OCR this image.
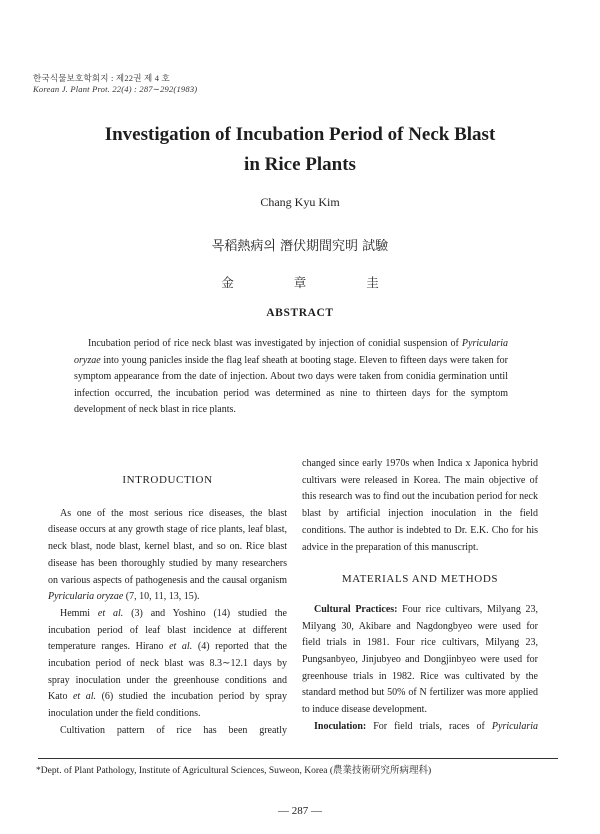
한국식물보호학회지 : 제22권 제 4 호
Korean J. Plant Prot. 22(4) : 287∼292(1983)
Investigation of Incubation Period of Neck Blast
in Rice Plants
Chang Kyu Kim
목稻熱病의 潛伏期間究明 試驗
金章圭
ABSTRACT
Incubation period of rice neck blast was investigated by injection of conidial suspension of Pyricularia oryzae into young panicles inside the flag leaf sheath at booting stage. Eleven to fifteen days were taken for symptom appearance from the date of injection. About two days were taken from conidia germination until infection occurred, the incubation period was determined as nine to thirteen days for the symptom development of neck blast in rice plants.
INTRODUCTION

As one of the most serious rice diseases, the blast disease occurs at any growth stage of rice plants, leaf blast, neck blast, node blast, kernel blast, and so on. Rice blast disease has been thoroughly studied by many researchers on various aspects of pathogenesis and the causal organism Pyricularia oryzae (7, 10, 11, 13, 15).

Hemmi et al. (3) and Yoshino (14) studied the incubation period of leaf blast incidence at different temperature ranges. Hirano et al. (4) reported that the incubation period of neck blast was 8.3∼12.1 days by spray inoculation under the greenhouse conditions and Kato et al. (6) studied the incubation period by spray inoculation under the field conditions.

Cultivation pattern of rice has been greatly

changed since early 1970s when Indica x Japonica hybrid cultivars were released in Korea. The main objective of this research was to find out the incubation period for neck blast by artificial injection inoculation in the field conditions. The author is indebted to Dr. E.K. Cho for his advice in the preparation of this manuscript.

MATERIALS AND METHODS

Cultural Practices: Four rice cultivars, Milyang 23, Milyang 30, Akibare and Nagdongbyeo were used for field trials in 1981. Four rice cultivars, Milyang 23, Pungsanbyeo, Jinjubyeo and Dongjinbyeo were used for greenhouse trials in 1982. Rice was cultivated by the standard method but 50% of N fertilizer was more applied to induce disease development.

Inoculation: For field trials, races of Pyricularia

*Dept. of Plant Pathology, Institute of Agricultural Sciences, Suweon, Korea (農業技術研究所病理科)
— 287 —
